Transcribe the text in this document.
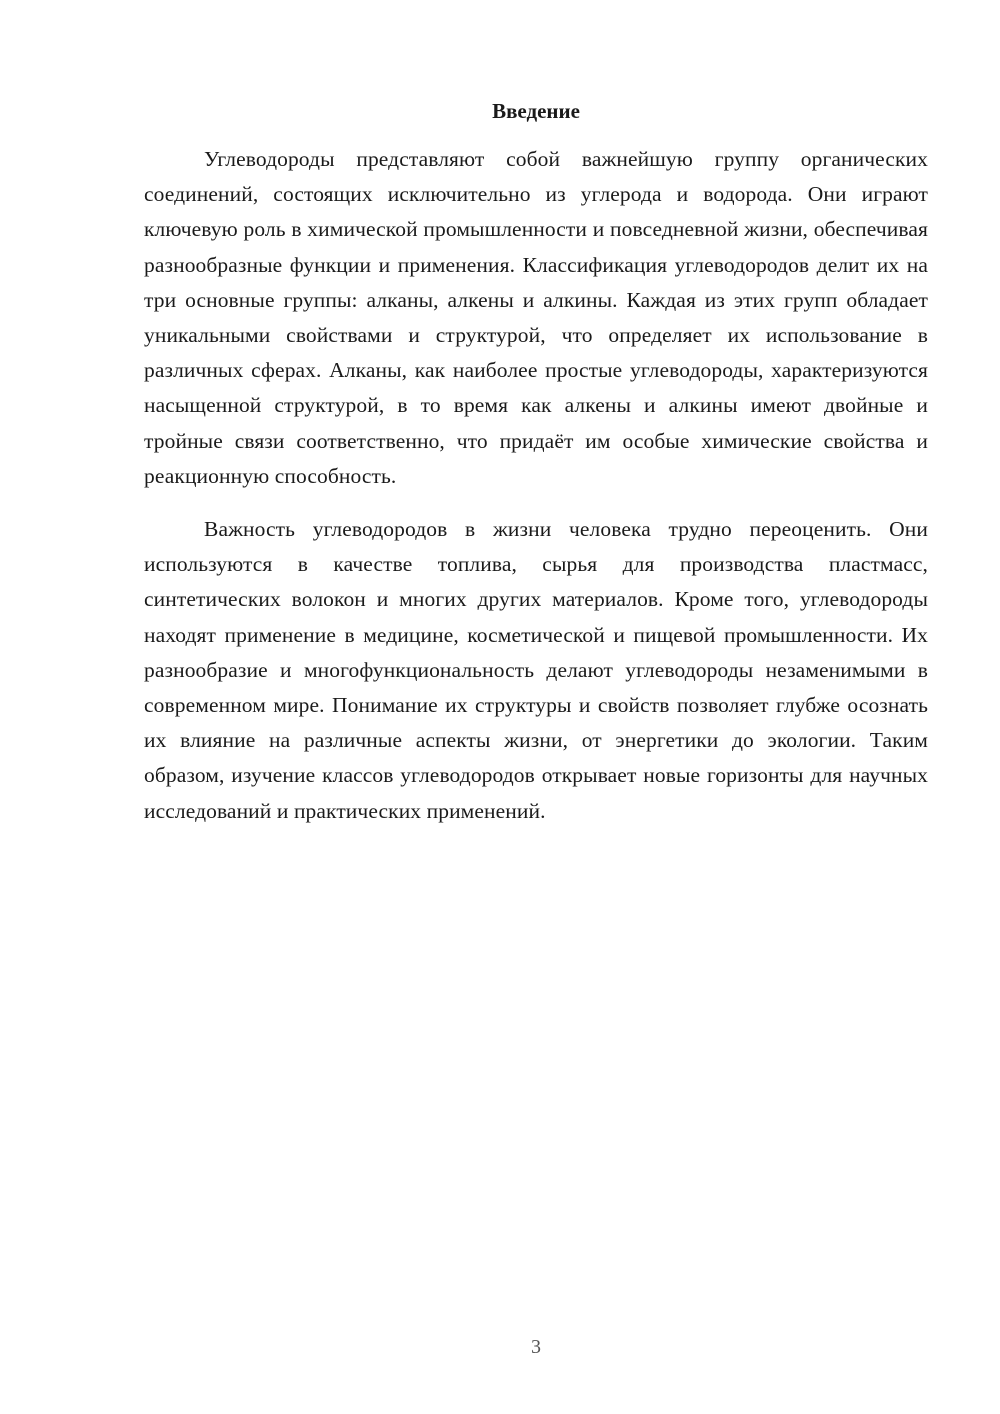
Введение

Углеводороды представляют собой важнейшую группу органических соединений, состоящих исключительно из углерода и водорода. Они играют ключевую роль в химической промышленности и повседневной жизни, обеспечивая разнообразные функции и применения. Классификация углеводородов делит их на три основные группы: алканы, алкены и алкины. Каждая из этих групп обладает уникальными свойствами и структурой, что определяет их использование в различных сферах. Алканы, как наиболее простые углеводороды, характеризуются насыщенной структурой, в то время как алкены и алкины имеют двойные и тройные связи соответственно, что придаёт им особые химические свойства и реакционную способность.

Важность углеводородов в жизни человека трудно переоценить. Они используются в качестве топлива, сырья для производства пластмасс, синтетических волокон и многих других материалов. Кроме того, углеводороды находят применение в медицине, косметической и пищевой промышленности. Их разнообразие и многофункциональность делают углеводороды незаменимыми в современном мире. Понимание их структуры и свойств позволяет глубже осознать их влияние на различные аспекты жизни, от энергетики до экологии. Таким образом, изучение классов углеводородов открывает новые горизонты для научных исследований и практических применений.

3
